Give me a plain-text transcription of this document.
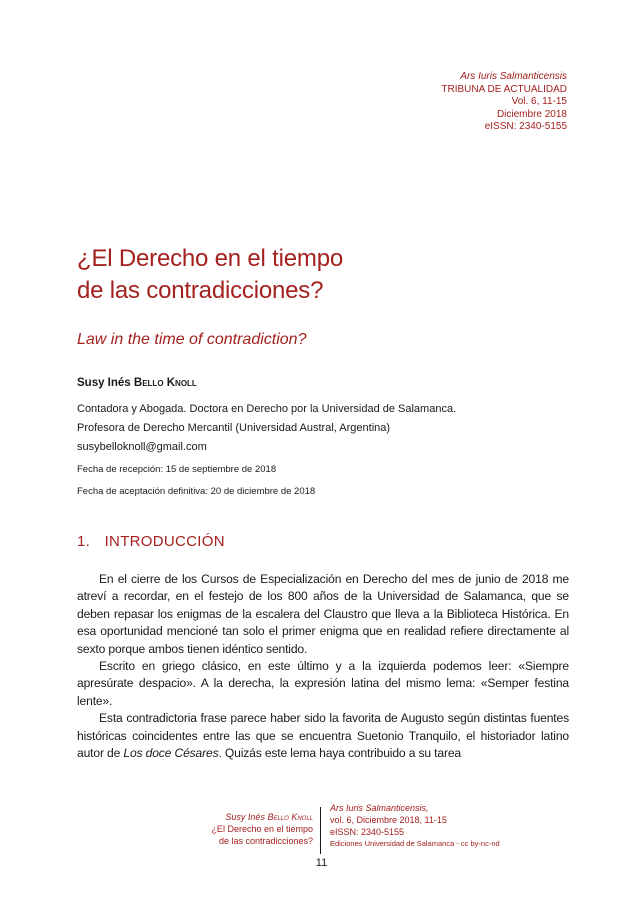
Ars Iuris Salmanticensis
TRIBUNA DE ACTUALIDAD
Vol. 6, 11-15
Diciembre 2018
eISSN: 2340-5155
¿El Derecho en el tiempo
de las contradicciones?
Law in the time of contradiction?
Susy Inés Bello Knoll
Contadora y Abogada. Doctora en Derecho por la Universidad de Salamanca.
Profesora de Derecho Mercantil (Universidad Austral, Argentina)
susybelloknoll@gmail.com
Fecha de recepción: 15 de septiembre de 2018
Fecha de aceptación definitiva: 20 de diciembre de 2018
1. INTRODUCCIÓN

En el cierre de los Cursos de Especialización en Derecho del mes de junio de 2018 me atreví a recordar, en el festejo de los 800 años de la Universidad de Salamanca, que se deben repasar los enigmas de la escalera del Claustro que lleva a la Biblioteca Histórica. En esa oportunidad mencioné tan solo el primer enigma que en realidad refiere directamente al sexto porque ambos tienen idéntico sentido.

Escrito en griego clásico, en este último y a la izquierda podemos leer: «Siempre apresúrate despacio». A la derecha, la expresión latina del mismo lema: «Semper festina lente».

Esta contradictoria frase parece haber sido la favorita de Augusto según distintas fuentes históricas coincidentes entre las que se encuentra Suetonio Tranquilo, el historiador latino autor de Los doce Césares. Quizás este lema haya contribuido a su tarea

Susy Inés Bello Knoll
¿El Derecho en el tiempo
de las contradicciones?
Ars Iuris Salmanticensis,
vol. 6, Diciembre 2018, 11-15
eISSN: 2340-5155
Ediciones Universidad de Salamanca - cc by-nc-nd
11
